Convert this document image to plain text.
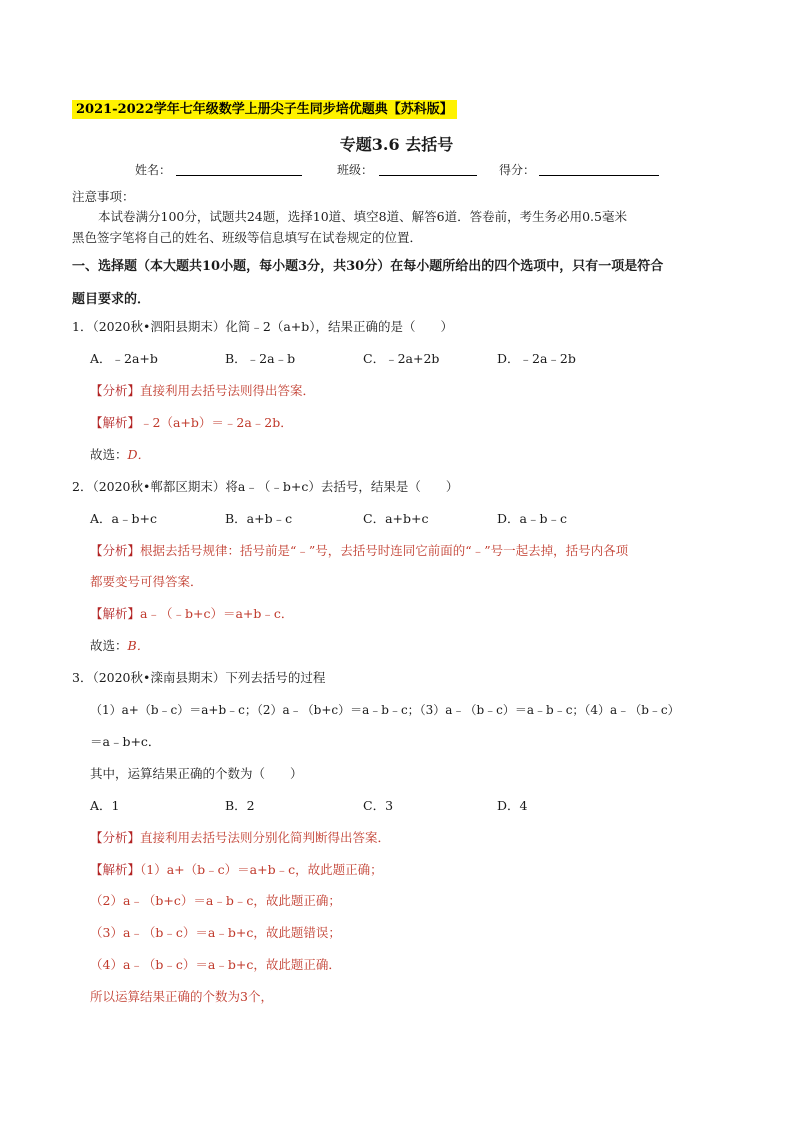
2021-2022学年七年级数学上册尖子生同步培优题典【苏科版】
专题3.6 去括号
姓名：	班级：	得分：
注意事项：
本试卷满分100分，试题共24题，选择10道、填空8道、解答6道．答卷前，考生务必用0.5毫米
黑色签字笔将自己的姓名、班级等信息填写在试卷规定的位置．
一、选择题（本大题共10小题，每小题3分，共30分）在每小题所给出的四个选项中，只有一项是符合
题目要求的．
1．（2020秋•泗阳县期末）化简﹣2（a+b），结果正确的是（　　）
A．﹣2a+b	B．﹣2a﹣b	C．﹣2a+2b	D．﹣2a﹣2b
【分析】直接利用去括号法则得出答案．
【解析】﹣2（a+b）＝﹣2a﹣2b．
故选：D．
2．（2020秋•郸都区期末）将a﹣（﹣b+c）去括号，结果是（　　）
A．a﹣b+c	B．a+b﹣c	C．a+b+c	D．a﹣b﹣c
【分析】根据去括号规律：括号前是“﹣”号，去括号时连同它前面的“﹣”号一起去掉，括号内各项
都要变号可得答案．
【解析】a﹣（﹣b+c）＝a+b﹣c．
故选：B．
3．（2020秋•滦南县期末）下列去括号的过程
（1）a+（b﹣c）＝a+b﹣c；（2）a﹣（b+c）＝a﹣b﹣c；（3）a﹣（b﹣c）＝a﹣b﹣c；（4）a﹣（b﹣c）
＝a﹣b+c．
其中，运算结果正确的个数为（　　）
A．1	B．2	C．3	D．4
【分析】直接利用去括号法则分别化简判断得出答案．
【解析】（1）a+（b﹣c）＝a+b﹣c，故此题正确；
（2）a﹣（b+c）＝a﹣b﹣c，故此题正确；
（3）a﹣（b﹣c）＝a﹣b+c，故此题错误；
（4）a﹣（b﹣c）＝a﹣b+c，故此题正确．
所以运算结果正确的个数为3个，
